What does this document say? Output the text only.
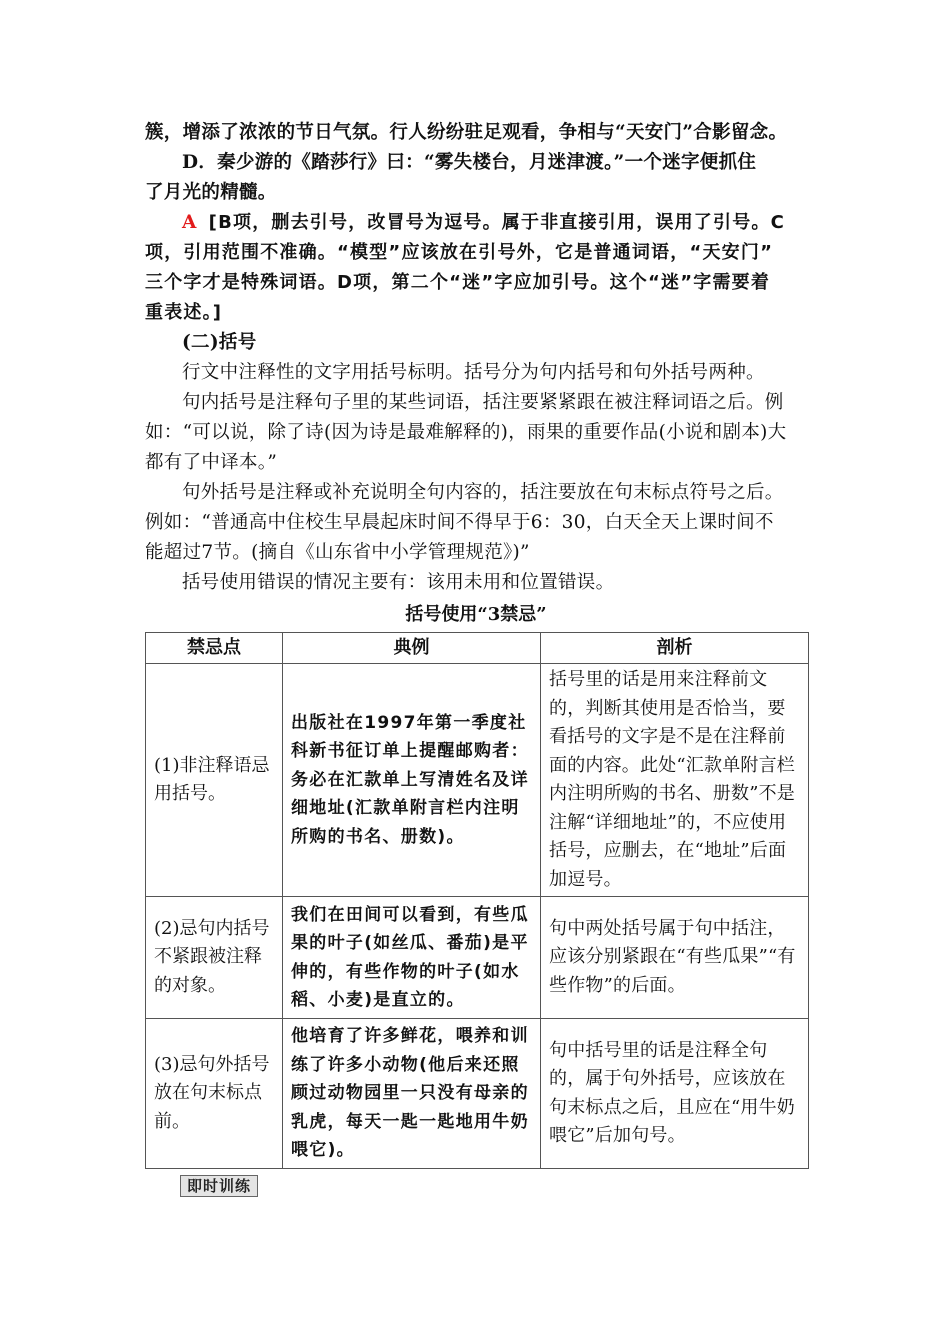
簇，增添了浓浓的节日气氛。行人纷纷驻足观看，争相与“天安门”合影留念。
D．秦少游的《踏莎行》曰：“雾失楼台，月迷津渡。”一个迷字便抓住
了月光的精髓。
A [B项，删去引号，改冒号为逗号。属于非直接引用，误用了引号。C
项，引用范围不准确。“模型”应该放在引号外，它是普通词语，“天安门”
三个字才是特殊词语。D项，第二个“迷”字应加引号。这个“迷”字需要着
重表述。]
(二)括号
行文中注释性的文字用括号标明。括号分为句内括号和句外括号两种。
句内括号是注释句子里的某些词语，括注要紧紧跟在被注释词语之后。例
如：“可以说，除了诗(因为诗是最难解释的)，雨果的重要作品(小说和剧本)大
都有了中译本。”
句外括号是注释或补充说明全句内容的，括注要放在句末标点符号之后。
例如：“普通高中住校生早晨起床时间不得早于6：30，白天全天上课时间不
能超过7节。(摘自《山东省中小学管理规范》)”
括号使用错误的情况主要有：该用未用和位置错误。
括号使用“3禁忌”
禁忌点	典例	剖析
(1)非注释语忌用括号。	出版社在1997年第一季度社科新书征订单上提醒邮购者：务必在汇款单上写清姓名及详细地址(汇款单附言栏内注明所购的书名、册数)。	括号里的话是用来注释前文的，判断其使用是否恰当，要看括号的文字是不是在注释前面的内容。此处“汇款单附言栏内注明所购的书名、册数”不是注解“详细地址”的，不应使用括号，应删去，在“地址”后面加逗号。
(2)忌句内括号不紧跟被注释的对象。	我们在田间可以看到，有些瓜果的叶子(如丝瓜、番茄)是平伸的，有些作物的叶子(如水稻、小麦)是直立的。	句中两处括号属于句中括注，应该分别紧跟在“有些瓜果”“有些作物”的后面。
(3)忌句外括号放在句末标点前。	他培育了许多鲜花，喂养和训练了许多小动物(他后来还照顾过动物园里一只没有母亲的乳虎，每天一匙一匙地用牛奶喂它)。	句中括号里的话是注释全句的，属于句外括号，应该放在句末标点之后，且应在“用牛奶喂它”后加句号。
即时训练
